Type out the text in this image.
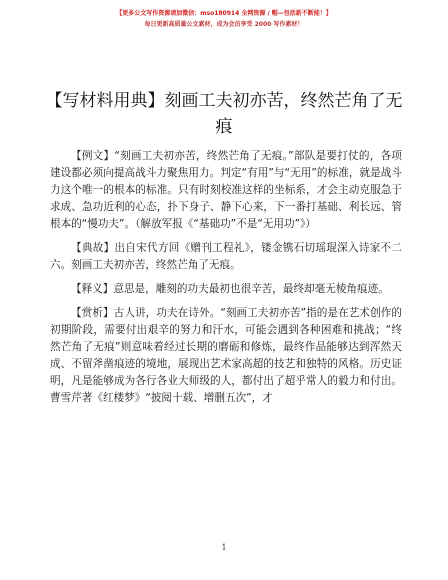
【更多公文写作资源请加微信：mso180914 全网资源 / 帽—包括新不断能！】
每日更新高质量公文素材，成为会员享受 2000 写作素材！
【写材料用典】刻画工夫初亦苦，终然芒角了无痕

【例文】“刻画工夫初亦苦，终然芒角了无痕。”部队是要打仗的，各项建设都必须向提高战斗力聚焦用力。判定“有用”与“无用”的标准，就是战斗力这个唯一的根本的标准。只有时刻校准这样的坐标系，才会主动克服急于求成、急功近利的心态，扑下身子、静下心来，下一番打基础、利长远、管根本的“慢功夫”。（解放军报《“基础功”不是“无用功”》）

【典故】出自宋代方回《赠刊工程礼》，镂金镌石切瑶琨深入诗家不二六。刻画工夫初亦苦，终然芒角了无痕。

【释义】意思是，雕刻的功夫最初也很辛苦，最终却毫无棱角痕迹。

【赏析】古人讲，功夫在诗外。“刻画工夫初亦苦”指的是在艺术创作的初期阶段，需要付出艰辛的努力和汗水，可能会遇到各种困难和挑战；“终然芒角了无痕”则意味着经过长期的磨砺和修炼，最终作品能够达到浑然天成、不留斧凿痕迹的境地，展现出艺术家高超的技艺和独特的风格。历史证明，凡是能够成为各行各业大师级的人，都付出了超乎常人的毅力和付出。曹雪芹著《红楼梦》“披阅十载、增删五次”，才

1
